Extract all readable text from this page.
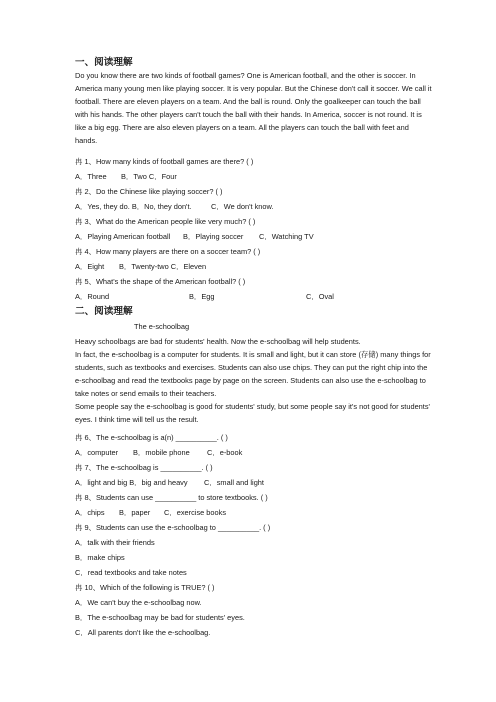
一、阅读理解
Do you know there are two kinds of football games? One is American football, and the other is soccer. In America many young men like playing soccer. It is very popular. But the Chinese don't call it soccer. We call it football. There are eleven players on a team. And the ball is round. Only the goalkeeper can touch the ball with his hands. The other players can't touch the ball with their hands. In America, soccer is not round. It is like a big egg. There are also eleven players on a team. All the players can touch the ball with feet and hands.
冉 1、How many kinds of football games are there? ( )
A．Three B．Two C．Four
冉 2、Do the Chinese like playing soccer? ( )
A．Yes, they do. B．No, they don't.	C．We don't know.
冉 3、What do the American people like very much? ( )
A．Playing American football B．Playing soccer C．Watching TV
冉 4、How many players are there on a soccer team? ( )
A．Eight B．Twenty-two C．Eleven
冉 5、What's the shape of the American football? ( )
A．Round	B．Egg	C．Oval
二、阅读理解
The e-schoolbag
Heavy schoolbags are bad for students' health. Now the e-schoolbag will help students.
In fact, the e-schoolbag is a computer for students. It is small and light, but it can store (存储) many things for students, such as textbooks and exercises. Students can also use chips. They can put the right chip into the e-schoolbag and read the textbooks page by page on the screen. Students can also use the e-schoolbag to take notes or send emails to their teachers.
Some people say the e-schoolbag is good for students' study, but some people say it's not good for students' eyes. I think time will tell us the result.
冉 6、The e-schoolbag is a(n) __________. ( )
A．computer B．mobile phone C．e-book
冉 7、The e-schoolbag is __________. ( )
A．light and big B．big and heavy C．small and light
冉 8、Students can use __________ to store textbooks. ( )
A．chips B．paper C．exercise books
冉 9、Students can use the e-schoolbag to __________. ( )
A．talk with their friends
B．make chips
C．read textbooks and take notes
冉 10、Which of the following is TRUE? ( )
A．We can't buy the e-schoolbag now.
B．The e-schoolbag may be bad for students' eyes.
C．All parents don't like the e-schoolbag.
